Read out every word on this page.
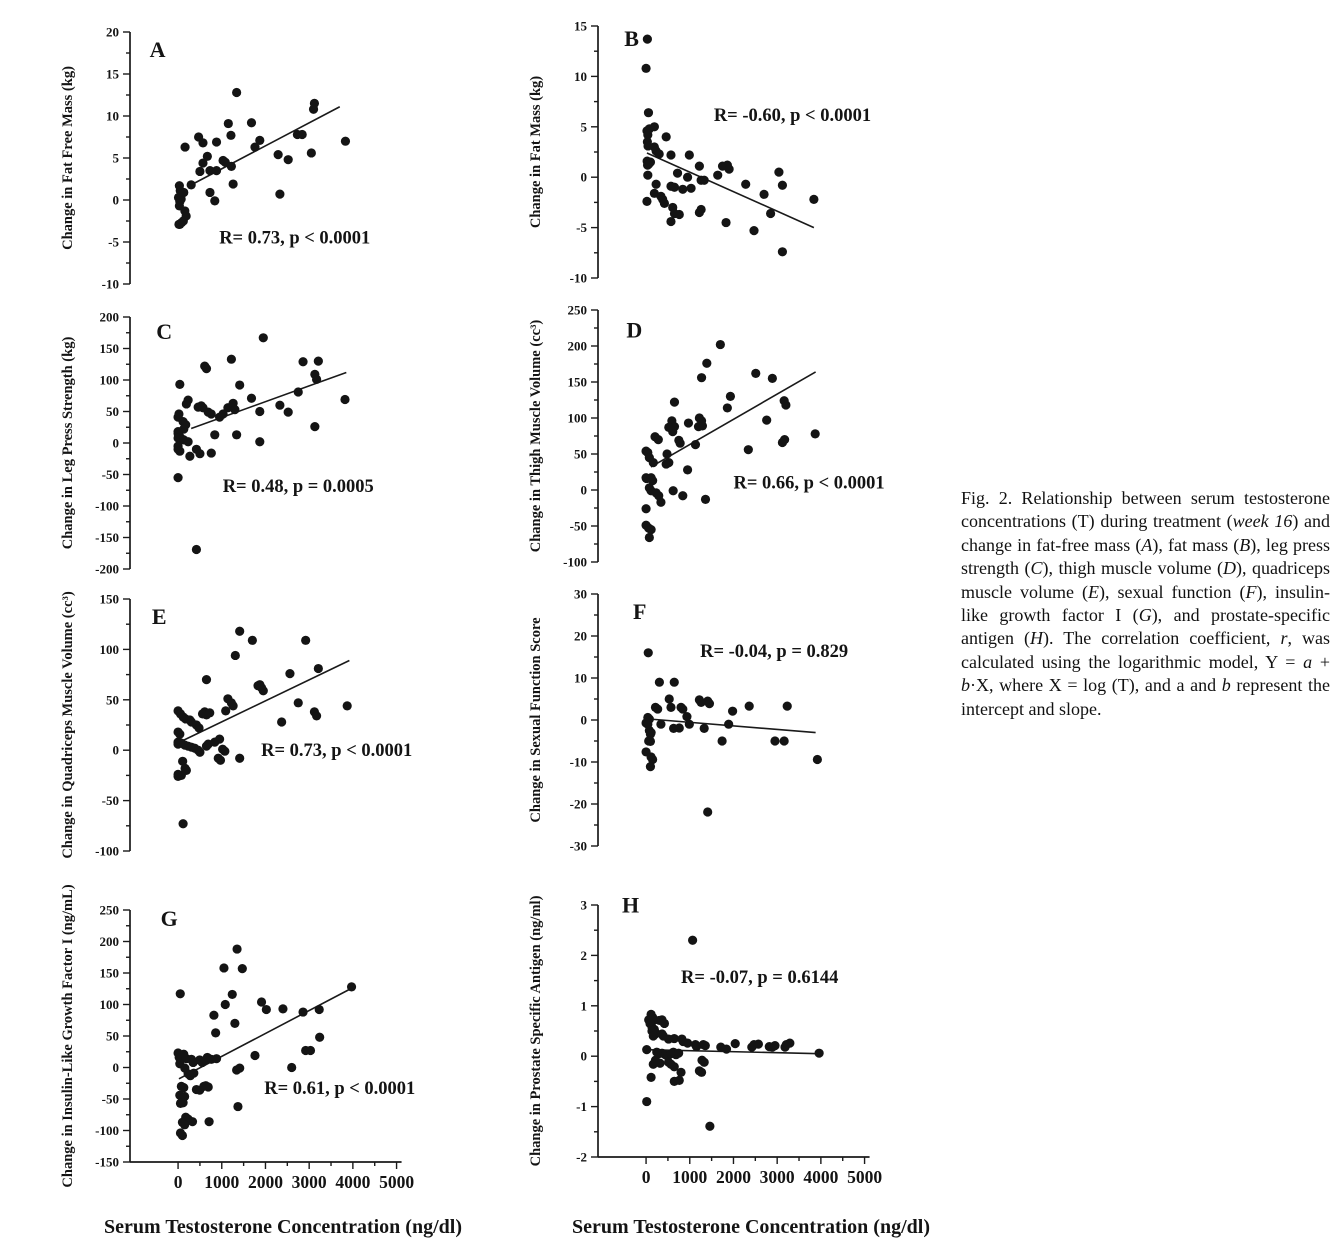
20
15
10
5
0
-5
-10
A
R= 0.73, p < 0.0001
Change in Fat Free Mass (kg)
15
10
5
0
-5
-10
B
R= -0.60, p < 0.0001
Change in Fat Mass (kg)
200
150
100
50
0
-50
-100
-150
-200
C
R= 0.48, p = 0.0005
Change in Leg Press Strength (kg)
250
200
150
100
50
0
-50
-100
D
R= 0.66, p < 0.0001
Change in Thigh Muscle Volume (cc³)
150
100
50
0
-50
-100
E
R= 0.73, p < 0.0001
Change in Quadriceps Muscle Volume (cc³)	30
20
10
0
-10
-20
-30
F
R= -0.04, p = 0.829
Change in Sexual Function Score
250
200
150
100
50
0
-50
-100
-150
0 1000 2000 3000 4000 5000
G
R= 0.61, p < 0.0001
Change in Insulin-Like Growth Factor I (ng/mL)	3
2
1
0
-1
-2
0 1000 2000 3000 4000 5000
H
R= -0.07, p = 0.6144
Change in Prostate Specific Antigen (ng/ml)
Serum Testosterone Concentration (ng/dl)	Serum Testosterone Concentration (ng/dl)
Fig. 2. Relationship between serum testosterone concentrations (T) during treatment (week 16) and change in fat-free mass (A), fat mass (B), leg press strength (C), thigh muscle volume (D), quadriceps muscle volume (E), sexual function (F), insulin-like growth factor I (G), and prostate-specific antigen (H). The correlation coefficient, r, was calculated using the logarithmic model, Y = a + b·X, where X = log (T), and a and b represent the intercept and slope.
